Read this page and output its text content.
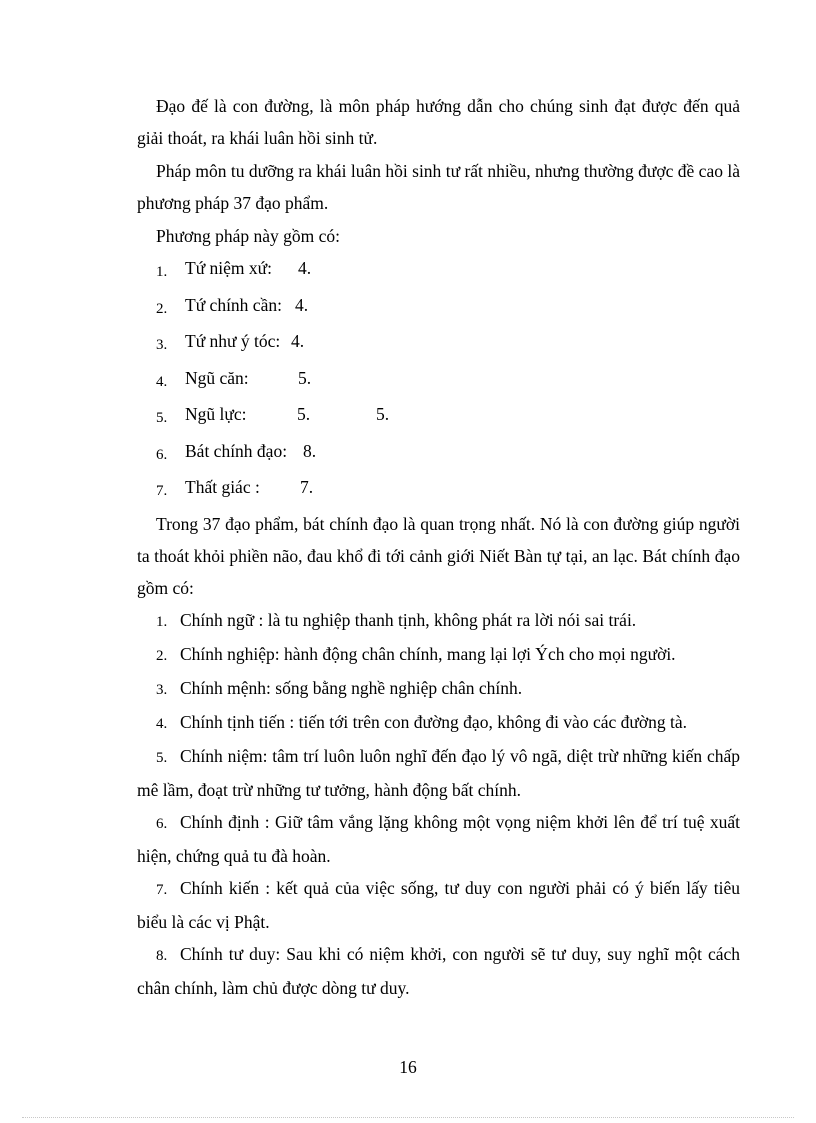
Đạo đế là con đường, là môn pháp hướng dẫn cho chúng sinh đạt được đến quả giải thoát, ra khái luân hồi sinh tử.

Pháp môn tu dưỡng ra khái luân hồi sinh tư rất nhiều, nhưng thường được đề cao là phương pháp 37 đạo phẩm.

Phương pháp này gồm có:

1.	Tứ niệm xứ:	4.
2.	Tứ chính cần: 4.
3.	Tứ như ý tóc: 4.
4.	Ngũ căn:	5.
5.	Ngũ lực:	5.	5.
6.	Bát chính đạo: 8.
7.	Thất giác :	7.

Trong 37 đạo phẩm, bát chính đạo là quan trọng nhất. Nó là con đường giúp người ta thoát khỏi phiền não, đau khổ đi tới cảnh giới Niết Bàn tự tại, an lạc. Bát chính đạo gồm có:

1. Chính ngữ : là tu nghiệp thanh tịnh, không phát ra lời nói sai trái.
2. Chính nghiệp: hành động chân chính, mang lại lợi Ých cho mọi người.
3. Chính mệnh: sống bằng nghề nghiệp chân chính.
4. Chính tịnh tiến : tiến tới trên con đường đạo, không đi vào các đường tà.
5. Chính niệm: tâm trí luôn luôn nghĩ đến đạo lý vô ngã, diệt trừ những kiến chấp mê lầm, đoạt trừ những tư tưởng, hành động bất chính.
6. Chính định : Giữ tâm vắng lặng không một vọng niệm khởi lên để trí tuệ xuất hiện, chứng quả tu đà hoàn.
7. Chính kiến : kết quả của việc sống, tư duy con người phải có ý biến lấy tiêu biểu là các vị Phật.
8. Chính tư duy: Sau khi có niệm khởi, con người sẽ tư duy, suy nghĩ một cách chân chính, làm chủ được dòng tư duy.
16
